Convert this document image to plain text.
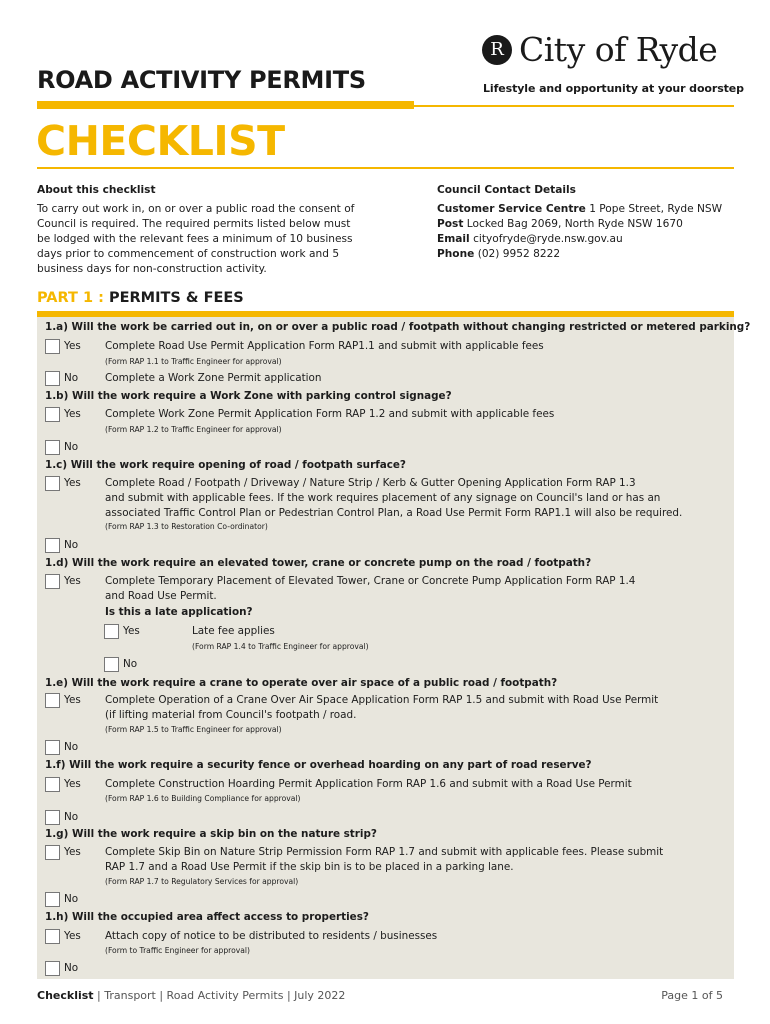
R City of Ryde
Lifestyle and opportunity at your doorstep
ROAD ACTIVITY PERMITS
CHECKLIST
About this checklist
To carry out work in, on or over a public road the consent of
Council is required. The required permits listed below must
be lodged with the relevant fees a minimum of 10 business
days prior to commencement of construction work and 5
business days for non-construction activity.
Council Contact Details
Customer Service Centre 1 Pope Street, Ryde NSW
Post Locked Bag 2069, North Ryde NSW 1670
Email cityofryde@ryde.nsw.gov.au
Phone (02) 9952 8222
PART 1 : PERMITS & FEES
1.a) Will the work be carried out in, on or over a public road / footpath without changing restricted or metered parking?
Yes Complete Road Use Permit Application Form RAP1.1 and submit with applicable fees
(Form RAP 1.1 to Traffic Engineer for approval)
No	Complete a Work Zone Permit application
1.b) Will the work require a Work Zone with parking control signage?
Yes Complete Work Zone Permit Application Form RAP 1.2 and submit with applicable fees
(Form RAP 1.2 to Traffic Engineer for approval)
No
1.c) Will the work require opening of road / footpath surface?
Yes Complete Road / Footpath / Driveway / Nature Strip / Kerb & Gutter Opening Application Form RAP 1.3
and submit with applicable fees. If the work requires placement of any signage on Council's land or has an
associated Traffic Control Plan or Pedestrian Control Plan, a Road Use Permit Form RAP1.1 will also be required.
(Form RAP 1.3 to Restoration Co-ordinator)
No
1.d) Will the work require an elevated tower, crane or concrete pump on the road / footpath?
Yes Complete Temporary Placement of Elevated Tower, Crane or Concrete Pump Application Form RAP 1.4
and Road Use Permit.
Is this a late application?
Yes	Late fee applies
(Form RAP 1.4 to Traffic Engineer for approval)
No
1.e) Will the work require a crane to operate over air space of a public road / footpath?
Yes Complete Operation of a Crane Over Air Space Application Form RAP 1.5 and submit with Road Use Permit
(if lifting material from Council's footpath / road.
(Form RAP 1.5 to Traffic Engineer for approval)
No
1.f) Will the work require a security fence or overhead hoarding on any part of road reserve?
Yes Complete Construction Hoarding Permit Application Form RAP 1.6 and submit with a Road Use Permit
(Form RAP 1.6 to Building Compliance for approval)
No
1.g) Will the work require a skip bin on the nature strip?
Yes Complete Skip Bin on Nature Strip Permission Form RAP 1.7 and submit with applicable fees. Please submit
RAP 1.7 and a Road Use Permit if the skip bin is to be placed in a parking lane.
(Form RAP 1.7 to Regulatory Services for approval)
No
1.h) Will the occupied area affect access to properties?
Yes Attach copy of notice to be distributed to residents / businesses
(Form to Traffic Engineer for approval)
No
Checklist | Transport | Road Activity Permits | July 2022	Page 1 of 5
